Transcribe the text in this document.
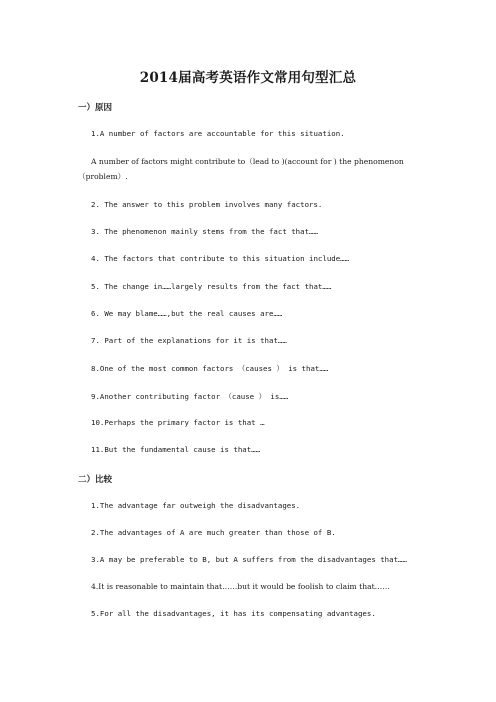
2014届高考英语作文常用句型汇总
一）原因
1.A number of factors are accountable for this situation.
A number of factors might contribute to（lead to )(account for ) the phenomenon
（problem）.
2. The answer to this problem involves many factors.
3. The phenomenon mainly stems from the fact that……
4. The factors that contribute to this situation include……
5. The change in……largely results from the fact that……
6. We may blame……,but the real causes are……
7. Part of the explanations for it is that……
8.One of the most common factors （causes ） is that……
9.Another contributing factor （cause ） is……
10.Perhaps the primary factor is that …
11.But the fundamental cause is that……
二）比较
1.The advantage far outweigh the disadvantages.
2.The advantages of A are much greater than those of B.
3.A may be preferable to B, but A suffers from the disadvantages that……
4.It is reasonable to maintain that……but it would be foolish to claim that……
5.For all the disadvantages, it has its compensating advantages.
